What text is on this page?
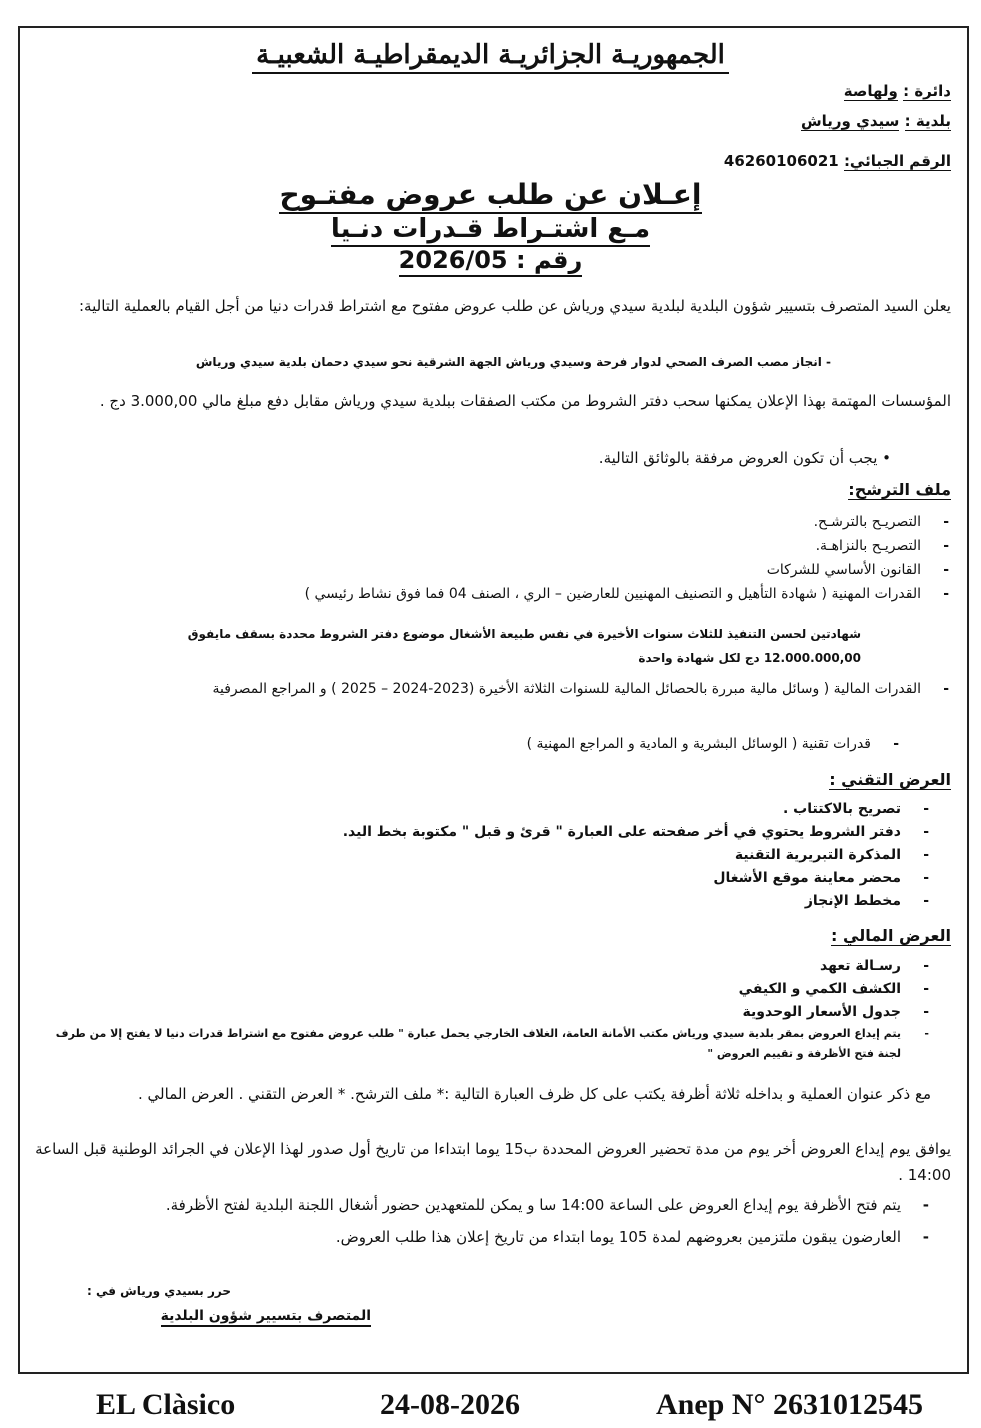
الجمهوريـة الجزائريـة الديمقراطيـة الشعبيـة
دائرة : ولهاصة
بلدية : سيدي ورياش
الرقم الجبائي: 46260106021
إعـلان عن طلب عروض مفتـوح
مـع اشتـراط قـدرات دنـيا
رقم : 2026/05
يعلن السيد المتصرف بتسيير شؤون البلدية لبلدية سيدي ورياش عن طلب عروض مفتوح مع اشتراط قدرات دنيا من أجل القيام بالعملية التالية:
- انجاز مصب الصرف الصحي لدوار فرحة وسيدي ورياش الجهة الشرقية نحو سيدي دحمان بلدية سيدي ورياش
المؤسسات المهتمة بهذا الإعلان يمكنها سحب دفتر الشروط من مكتب الصفقات ببلدية سيدي ورياش مقابل دفع مبلغ مالي 3.000,00 دج .
• يجب أن تكون العروض مرفقة بالوثائق التالية.
ملف الترشح:
- التصريـح بالترشـح.
- التصريـح بالنزاهـة.
- القانون الأساسي للشركات
- القدرات المهنية ( شهادة التأهيل و التصنيف المهنيين للعارضين – الري ، الصنف 04 فما فوق نشاط رئيسي )
شهادتين لحسن التنفيذ للثلاث سنوات الأخيرة في نفس طبيعة الأشغال موضوع دفتر الشروط محددة بسقف مايفوق 12.000.000,00 دج لكل شهادة واحدة
- القدرات المالية ( وسائل مالية مبررة بالحصائل المالية للسنوات الثلاثة الأخيرة (2023-2024 – 2025 ) و المراجع المصرفية
- قدرات تقنية ( الوسائل البشرية و المادية و المراجع المهنية )
العرض التقني :
- تصريح بالاكتتاب .
- دفتر الشروط يحتوي في أخر صفحته على العبارة " قرئ و قبل " مكتوبة بخط اليد.
- المذكرة التبريرية التقنية
- محضر معاينة موقع الأشغال
- مخطط الإنجاز
العرض المالي :
- رسـالة تعهد
- الكشف الكمي و الكيفي
- جدول الأسعار الوحدوية
- يتم إيداع العروض بمقر بلدية سيدي ورياش مكتب الأمانة العامة، الغلاف الخارجي يحمل عبارة " طلب عروض مفتوح مع اشتراط قدرات دنيا لا يفتح إلا من طرف لجنة فتح الأظرفة و تقييم العروض "
مع ذكر عنوان العملية و بداخله ثلاثة أظرفة يكتب على كل ظرف العبارة التالية :* ملف الترشح. * العرض التقني . العرض المالي .
يوافق يوم إيداع العروض أخر يوم من مدة تحضير العروض المحددة ب15 يوما ابتداءا من تاريخ أول صدور لهذا الإعلان في الجرائد الوطنية قبل الساعة 14:00 .
- يتم فتح الأظرفة يوم إيداع العروض على الساعة 14:00 سا و يمكن للمتعهدين حضور أشغال اللجنة البلدية لفتح الأظرفة.
- العارضون يبقون ملتزمين بعروضهم لمدة 105 يوما ابتداء من تاريخ إعلان هذا طلب العروض.
حرر بسيدي ورياش في :
المتصرف بتسيير شؤون البلدية
EL Clàsico	24-08-2026	Anep N° 2631012545
